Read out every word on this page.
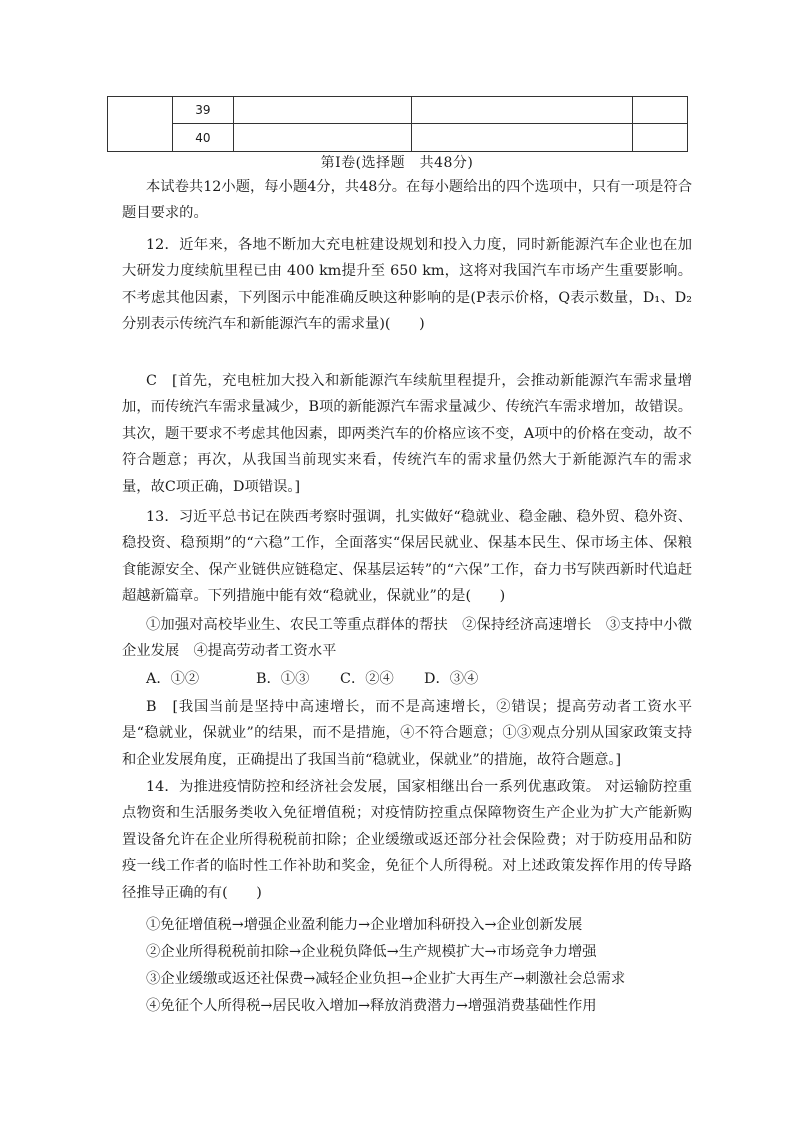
	39			
	40			
第Ⅰ卷(选择题　共48分)
本试卷共12小题，每小题4分，共48分。在每小题给出的四个选项中，只有一项是符合题目要求的。
12．近年来，各地不断加大充电桩建设规划和投入力度，同时新能源汽车企业也在加大研发力度续航里程已由 400 km提升至 650 km，这将对我国汽车市场产生重要影响。不考虑其他因素，下列图示中能准确反映这种影响的是(P表示价格，Q表示数量，D₁、D₂分别表示传统汽车和新能源汽车的需求量)(　　)
C　[首先，充电桩加大投入和新能源汽车续航里程提升，会推动新能源汽车需求量增加，而传统汽车需求量减少，B项的新能源汽车需求量减少、传统汽车需求增加，故错误。其次，题干要求不考虑其他因素，即两类汽车的价格应该不变，A项中的价格在变动，故不符合题意；再次，从我国当前现实来看，传统汽车的需求量仍然大于新能源汽车的需求量，故C项正确，D项错误。]
13．习近平总书记在陕西考察时强调，扎实做好“稳就业、稳金融、稳外贸、稳外资、稳投资、稳预期”的“六稳”工作，全面落实“保居民就业、保基本民生、保市场主体、保粮食能源安全、保产业链供应链稳定、保基层运转”的“六保”工作，奋力书写陕西新时代追赶超越新篇章。下列措施中能有效“稳就业，保就业”的是(　　)
①加强对高校毕业生、农民工等重点群体的帮扶　②保持经济高速增长　③支持中小微企业发展　④提高劳动者工资水平
A．①②	B．①③ C．②④ D．③④
B　[我国当前是坚持中高速增长，而不是高速增长，②错误；提高劳动者工资水平是“稳就业，保就业”的结果，而不是措施，④不符合题意；①③观点分别从国家政策支持和企业发展角度，正确提出了我国当前“稳就业，保就业”的措施，故符合题意。]
14．为推进疫情防控和经济社会发展，国家相继出台一系列优惠政策。 对运输防控重点物资和生活服务类收入免征增值税；对疫情防控重点保障物资生产企业为扩大产能新购置设备允许在企业所得税税前扣除；企业缓缴或返还部分社会保险费；对于防疫用品和防疫一线工作者的临时性工作补助和奖金，免征个人所得税。对上述政策发挥作用的传导路径推导正确的有(　　)
①免征增值税→增强企业盈利能力→企业增加科研投入→企业创新发展
②企业所得税税前扣除→企业税负降低→生产规模扩大→市场竞争力增强
③企业缓缴或返还社保费→减轻企业负担→企业扩大再生产→刺激社会总需求
④免征个人所得税→居民收入增加→释放消费潜力→增强消费基础性作用
